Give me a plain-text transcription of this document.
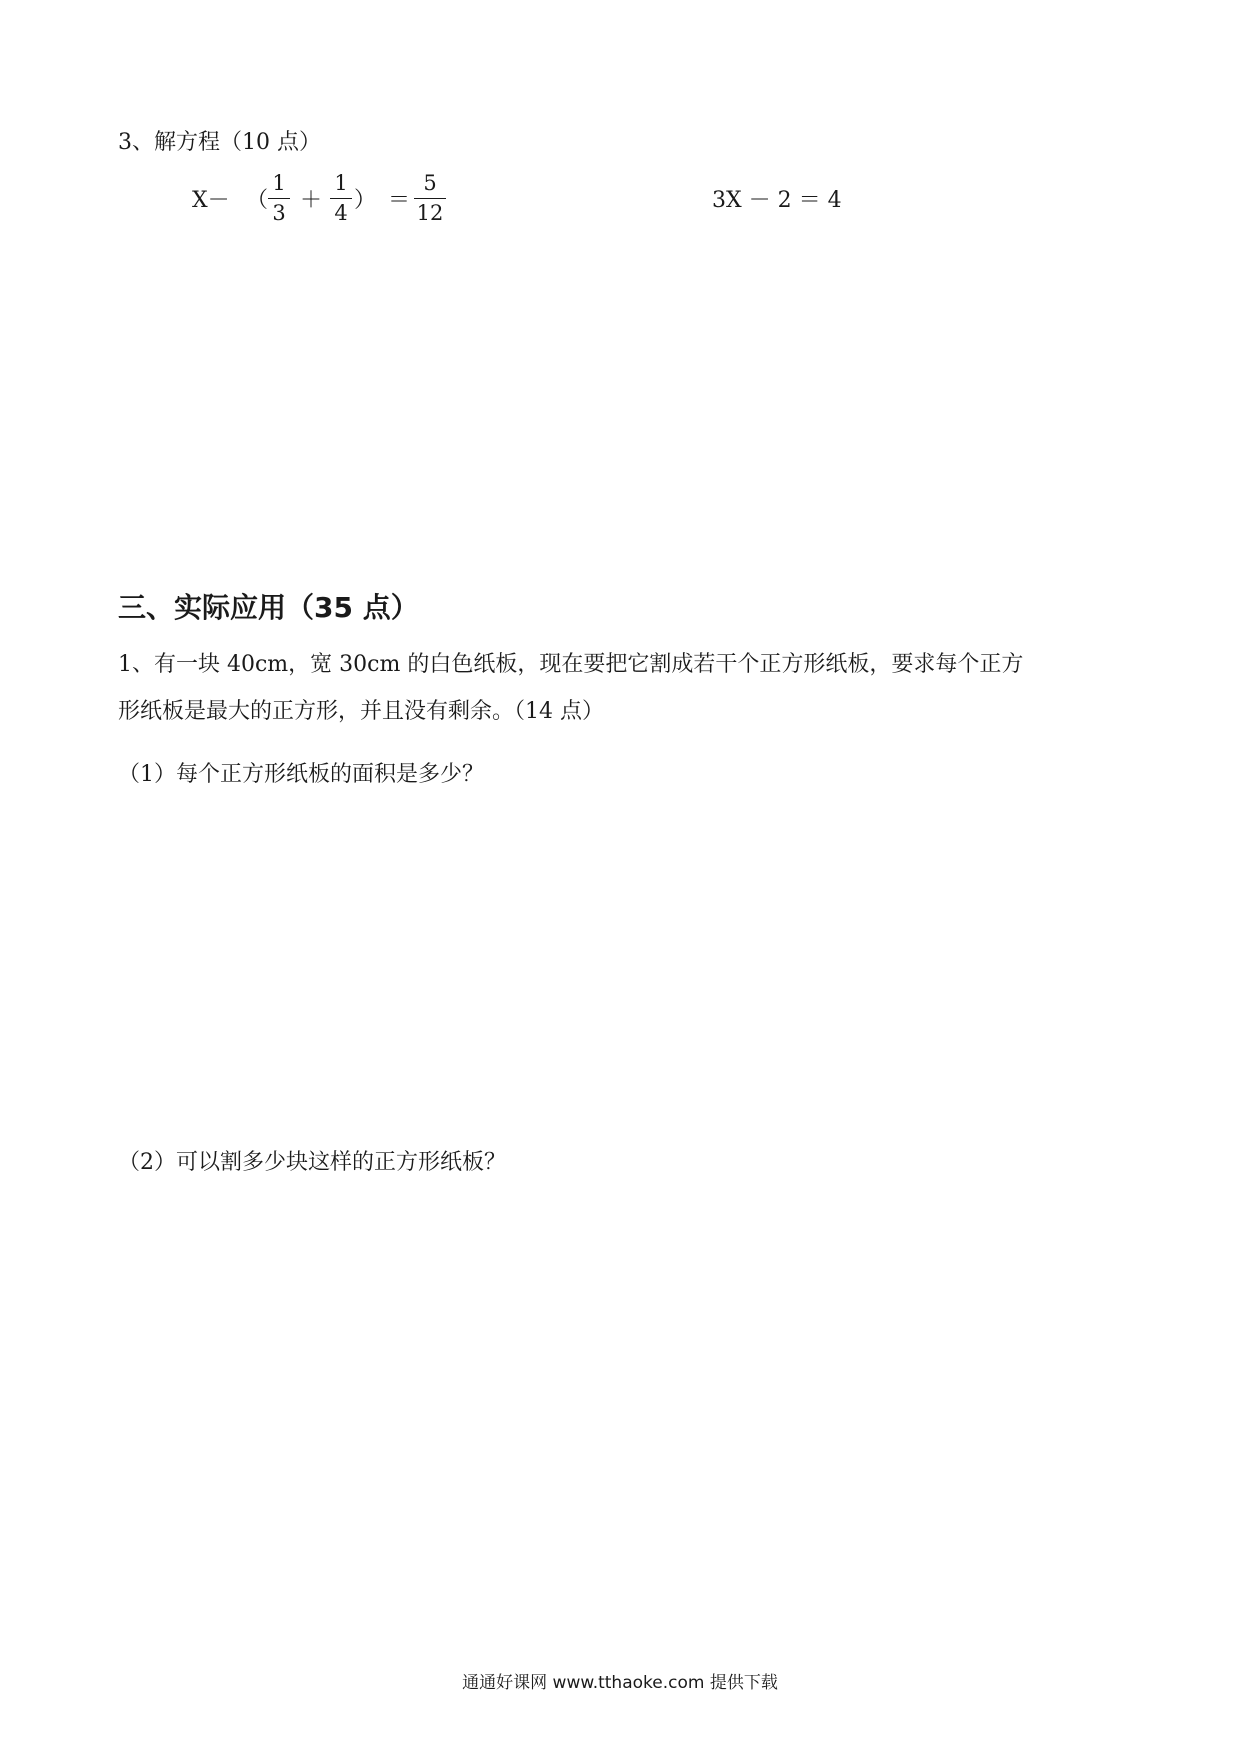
3、解方程（10 点）
X－ （
1
3 ＋
1
4 ） ＝
5
12	3X － 2 ＝ 4
三、实际应用（35 点）
1、有一块 40cm，宽 30cm 的白色纸板，现在要把它割成若干个正方形纸板，要求每个正方
形纸板是最大的正方形，并且没有剩余。（14 点）
（1）每个正方形纸板的面积是多少？
（2）可以割多少块这样的正方形纸板？
通通好课网 www.tthaoke.com 提供下载
